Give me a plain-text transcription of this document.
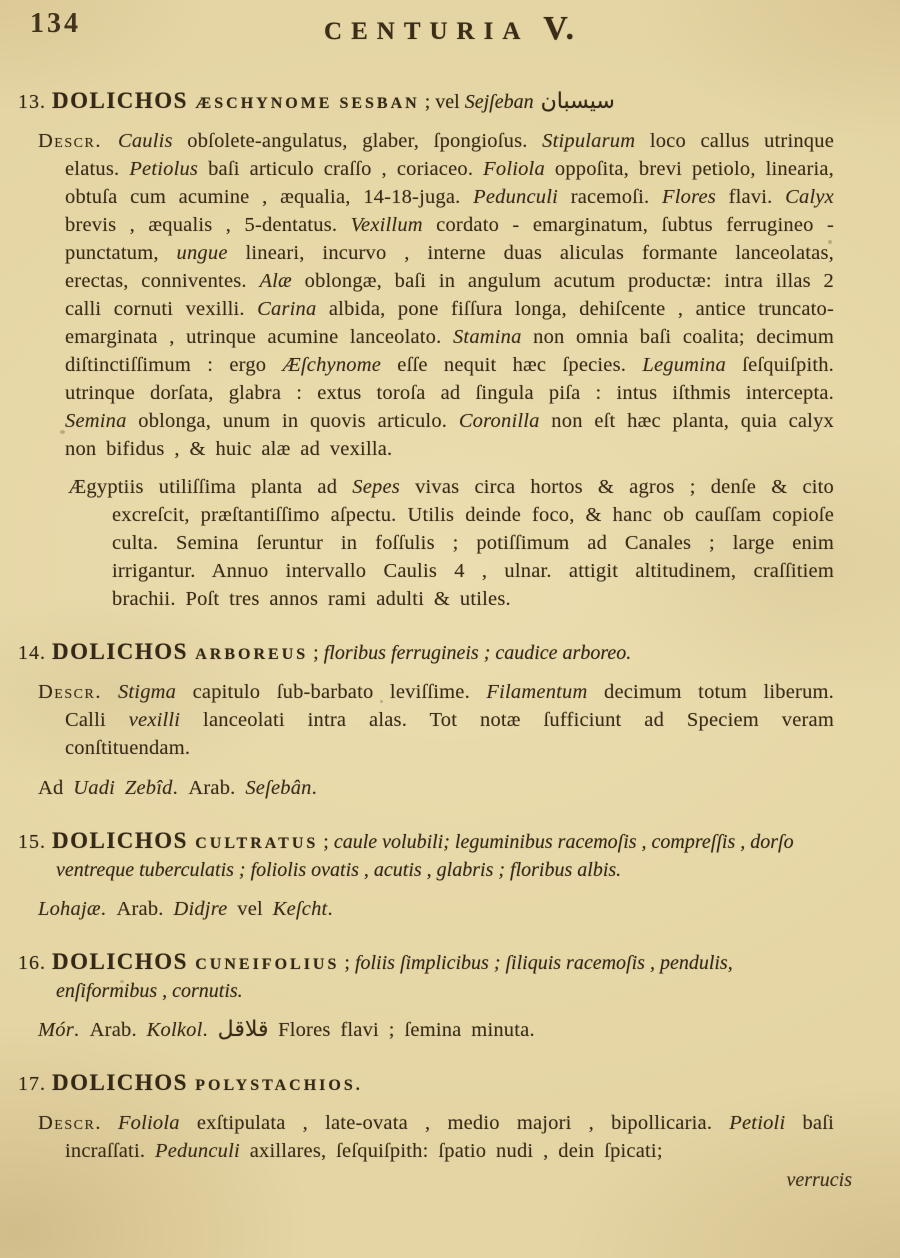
134	CENTURIA V.
13. DOLICHOS ÆSCHYNOME SESBAN ; vel Sejſeban سيسبان

Descr. Caulis obſolete-angulatus, glaber, ſpongioſus. Stipularum loco callus utrinque elatus. Petiolus baſi articulo craſſo , coriaceo. Foliola oppoſita, brevi petiolo, linearia, obtuſa cum acumine , æqualia, 14-18-juga. Pedunculi racemoſi. Flores flavi. Calyx brevis , æqualis , 5-dentatus. Vexillum cordato - emarginatum, ſubtus ferrugineo - punctatum, ungue lineari, incurvo , interne duas aliculas formante lanceolatas, erectas, conniventes. Alæ oblongæ, baſi in angulum acutum productæ: intra illas 2 calli cornuti vexilli. Carina albida, pone fiſſura longa, dehiſcente , antice truncato-emarginata , utrinque acumine lanceolato. Stamina non omnia baſi coalita; decimum diſtinctiſſimum : ergo Æſchynome eſſe nequit hæc ſpecies. Legumina ſeſquiſpith. utrinque dorſata, glabra : extus toroſa ad ſingula piſa : intus iſthmis intercepta. Semina oblonga, unum in quovis articulo. Coronilla non eſt hæc planta, quia calyx non bifidus , & huic alæ ad vexilla.

Ægyptiis utiliſſima planta ad Sepes vivas circa hortos & agros ; denſe & cito excreſcit, præſtantiſſimo aſpectu. Utilis deinde foco, & hanc ob cauſſam copioſe culta. Semina ſeruntur in foſſulis ; potiſſimum ad Canales ; large enim irrigantur. Annuo intervallo Caulis 4 , ulnar. attigit altitudinem, craſſitiem brachii. Poſt tres annos rami adulti & utiles.

14. DOLICHOS ARBOREUS ; floribus ferrugineis ; caudice arboreo.

Descr. Stigma capitulo ſub-barbato leviſſime. Filamentum decimum totum liberum. Calli vexilli lanceolati intra alas. Tot notæ ſufficiunt ad Speciem veram conſtituendam.

Ad Uadi Zebîd. Arab. Seſebân.

15. DOLICHOS CULTRATUS ; caule volubili; leguminibus racemoſis , compreſſis , dorſo ventreque tuberculatis ; foliolis ovatis , acutis , glabris ; floribus albis.

Lohajæ. Arab. Didjre vel Keſcht.

16. DOLICHOS CUNEIFOLIUS ; foliis ſimplicibus ; ſiliquis racemoſis , pendulis, enſiformibus , cornutis.

Mór. Arab. Kolkol. قلاقل Flores flavi ; ſemina minuta.

17. DOLICHOS POLYSTACHIOS.

Descr. Foliola exſtipulata , late-ovata , medio majori , bipollicaria. Petioli baſi incraſſati. Pedunculi axillares, ſeſquiſpith: ſpatio nudi , dein ſpicati;

verrucis
